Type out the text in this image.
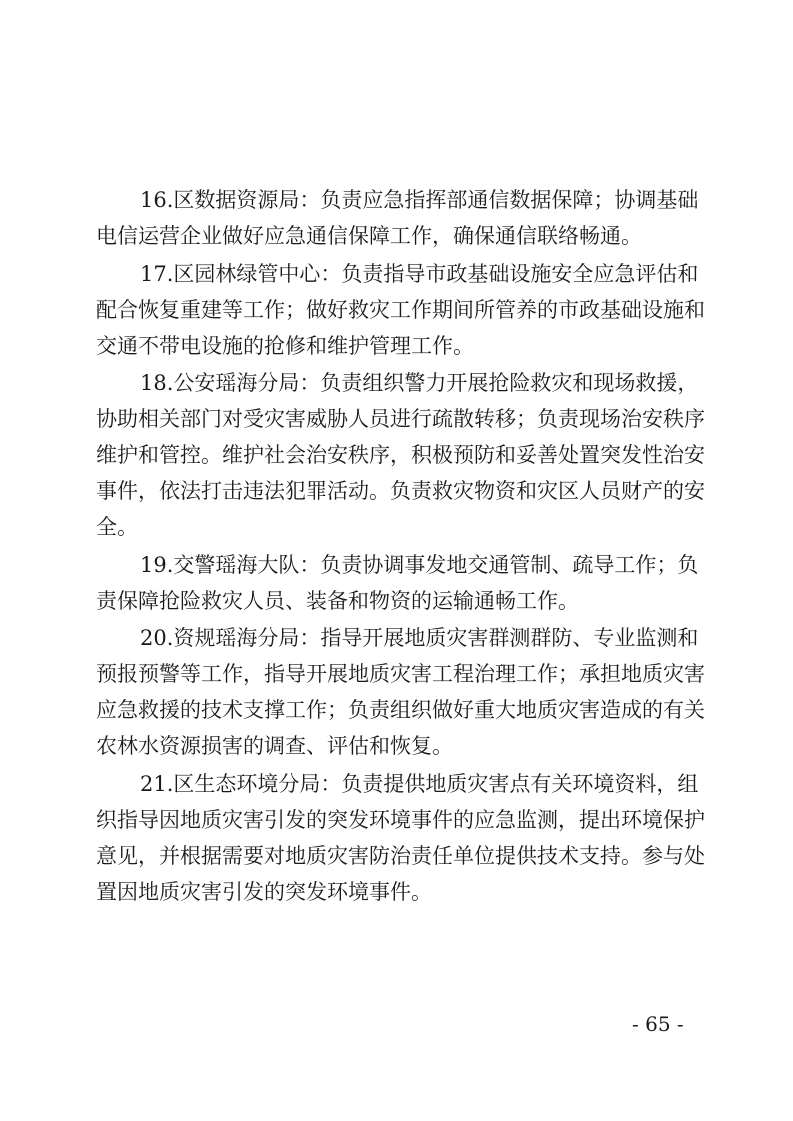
16.区数据资源局：负责应急指挥部通信数据保障；协调基础
电信运营企业做好应急通信保障工作，确保通信联络畅通。
17.区园林绿管中心：负责指导市政基础设施安全应急评估和
配合恢复重建等工作；做好救灾工作期间所管养的市政基础设施和
交通不带电设施的抢修和维护管理工作。
18.公安瑶海分局：负责组织警力开展抢险救灾和现场救援，
协助相关部门对受灾害威胁人员进行疏散转移；负责现场治安秩序
维护和管控。维护社会治安秩序，积极预防和妥善处置突发性治安
事件，依法打击违法犯罪活动。负责救灾物资和灾区人员财产的安
全。
19.交警瑶海大队：负责协调事发地交通管制、疏导工作；负
责保障抢险救灾人员、装备和物资的运输通畅工作。
20.资规瑶海分局：指导开展地质灾害群测群防、专业监测和
预报预警等工作，指导开展地质灾害工程治理工作；承担地质灾害
应急救援的技术支撑工作；负责组织做好重大地质灾害造成的有关
农林水资源损害的调查、评估和恢复。
21.区生态环境分局：负责提供地质灾害点有关环境资料，组
织指导因地质灾害引发的突发环境事件的应急监测，提出环境保护
意见，并根据需要对地质灾害防治责任单位提供技术支持。参与处
置因地质灾害引发的突发环境事件。
- 65 -
